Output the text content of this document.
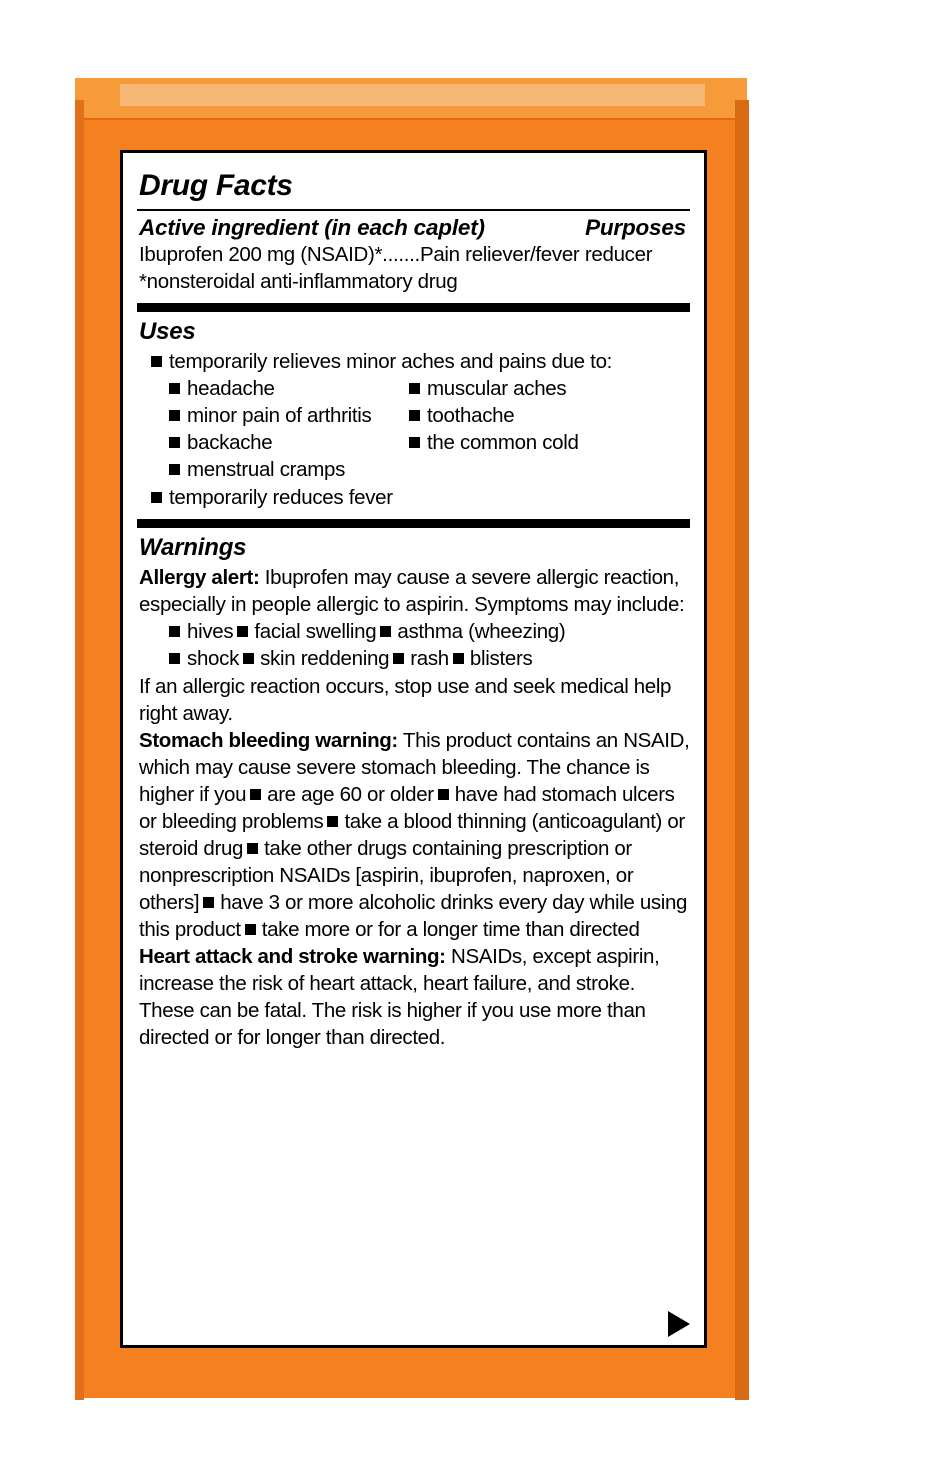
Drug Facts
Active ingredient (in each caplet)	Purposes
Ibuprofen 200 mg (NSAID)*.......Pain reliever/fever reducer
*nonsteroidal anti-inflammatory drug
Uses
temporarily relieves minor aches and pains due to:
headache	muscular aches
minor pain of arthritis	toothache
backache	the common cold
menstrual cramps
temporarily reduces fever
Warnings
Allergy alert: Ibuprofen may cause a severe allergic reaction, especially in people allergic to aspirin. Symptoms may include:
hives facial swelling asthma (wheezing)
shock skin reddening rash blisters
If an allergic reaction occurs, stop use and seek medical help right away.
Stomach bleeding warning: This product contains an NSAID, which may cause severe stomach bleeding. The chance is higher if you are age 60 or older have had stomach ulcers or bleeding problems take a blood thinning (anticoagulant) or steroid drug take other drugs containing prescription or nonprescription NSAIDs [aspirin, ibuprofen, naproxen, or others] have 3 or more alcoholic drinks every day while using this product take more or for a longer time than directed
Heart attack and stroke warning: NSAIDs, except aspirin, increase the risk of heart attack, heart failure, and stroke. These can be fatal. The risk is higher if you use more than directed or for longer than directed.
